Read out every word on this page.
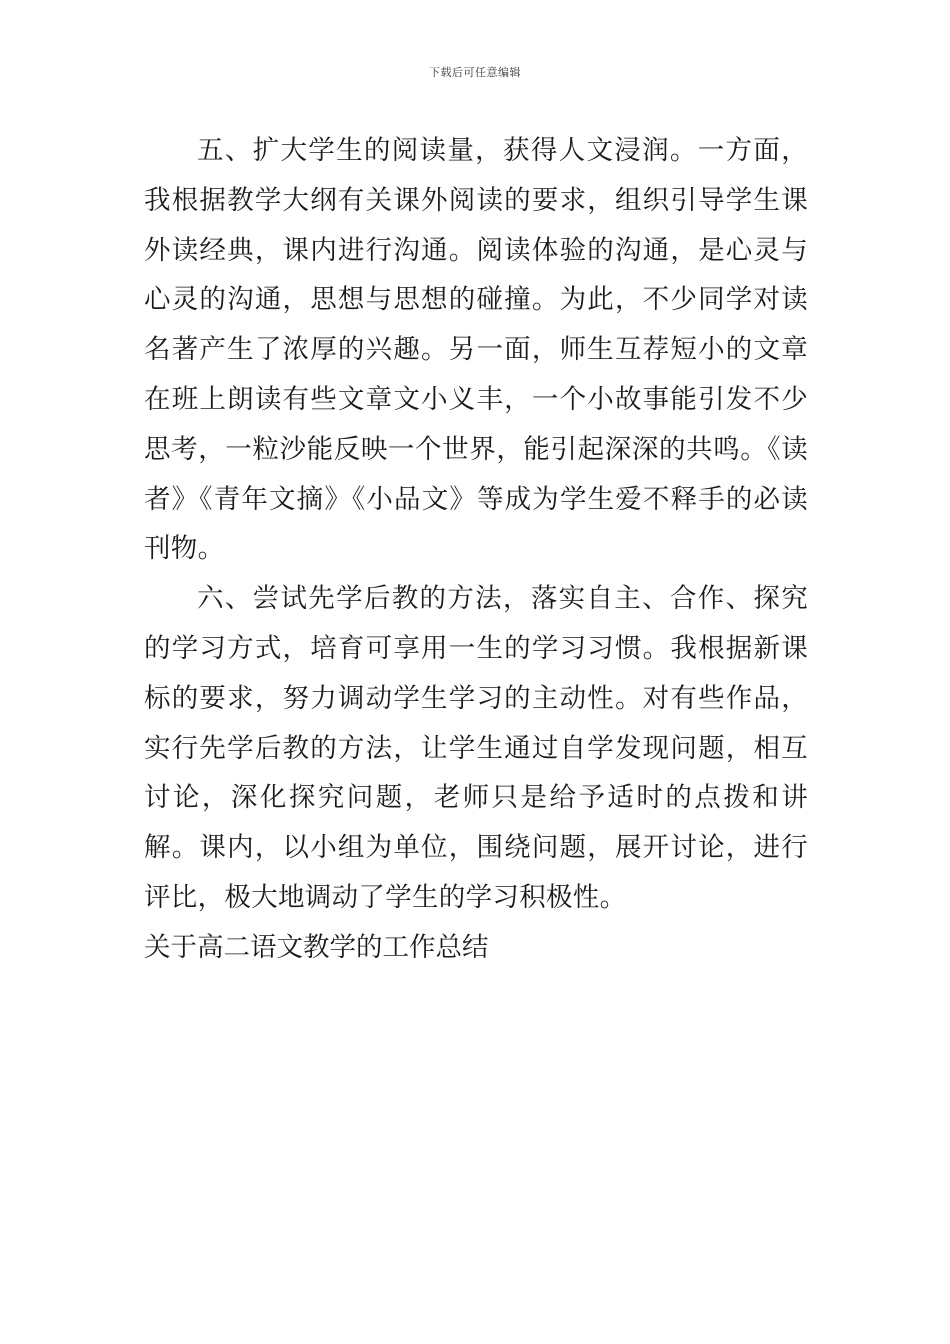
下载后可任意编辑

五、扩大学生的阅读量，获得人文浸润。一方面，我根据教学大纲有关课外阅读的要求，组织引导学生课外读经典，课内进行沟通。阅读体验的沟通，是心灵与心灵的沟通，思想与思想的碰撞。为此，不少同学对读名著产生了浓厚的兴趣。另一面，师生互荐短小的文章在班上朗读有些文章文小义丰，一个小故事能引发不少思考，一粒沙能反映一个世界，能引起深深的共鸣。《读者》《青年文摘》《小品文》等成为学生爱不释手的必读刊物。

六、尝试先学后教的方法，落实自主、合作、探究的学习方式，培育可享用一生的学习习惯。我根据新课标的要求，努力调动学生学习的主动性。对有些作品，实行先学后教的方法，让学生通过自学发现问题，相互讨论，深化探究问题，老师只是给予适时的点拨和讲解。课内，以小组为单位，围绕问题，展开讨论，进行评比，极大地调动了学生的学习积极性。

关于高二语文教学的工作总结
